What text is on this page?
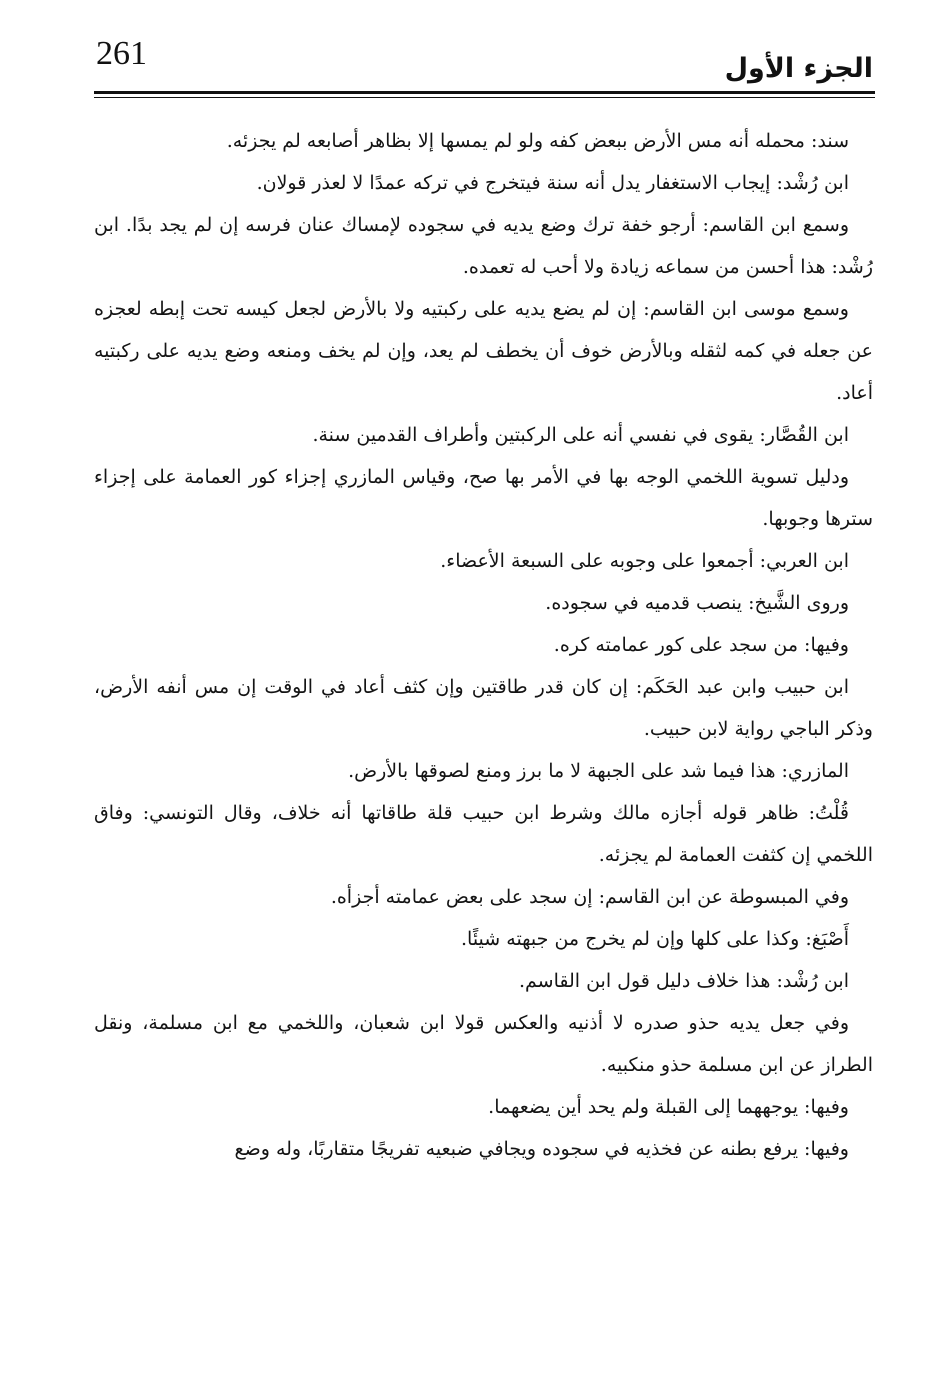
261	الجزء الأول

سند: محمله أنه مس الأرض ببعض كفه ولو لم يمسها إلا بظاهر أصابعه لم يجزئه.

ابن رُشْد: إيجاب الاستغفار يدل أنه سنة فيتخرج في تركه عمدًا لا لعذر قولان.

وسمع ابن القاسم: أرجو خفة ترك وضع يديه في سجوده لإمساك عنان فرسه إن لم يجد بدًا. ابن رُشْد: هذا أحسن من سماعه زيادة ولا أحب له تعمده.

وسمع موسى ابن القاسم: إن لم يضع يديه على ركبتيه ولا بالأرض لجعل كيسه تحت إبطه لعجزه عن جعله في كمه لثقله وبالأرض خوف أن يخطف لم يعد، وإن لم يخف ومنعه وضع يديه على ركبتيه أعاد.

ابن القُصَّار: يقوى في نفسي أنه على الركبتين وأطراف القدمين سنة.

ودليل تسوية اللخمي الوجه بها في الأمر بها صح، وقياس المازري إجزاء كور العمامة على إجزاء سترها وجوبها.

ابن العربي: أجمعوا على وجوبه على السبعة الأعضاء.

وروى الشَّيخ: ينصب قدميه في سجوده.

وفيها: من سجد على كور عمامته كره.

ابن حبيب وابن عبد الحَكَم: إن كان قدر طاقتين وإن كثف أعاد في الوقت إن مس أنفه الأرض، وذكر الباجي رواية لابن حبيب.

المازري: هذا فيما شد على الجبهة لا ما برز ومنع لصوقها بالأرض.

قُلْتُ: ظاهر قوله أجازه مالك وشرط ابن حبيب قلة طاقاتها أنه خلاف، وقال التونسي: وفاق اللخمي إن كثفت العمامة لم يجزئه.

وفي المبسوطة عن ابن القاسم: إن سجد على بعض عمامته أجزأه.

أَصْبَغ: وكذا على كلها وإن لم يخرج من جبهته شيئًا.

ابن رُشْد: هذا خلاف دليل قول ابن القاسم.

وفي جعل يديه حذو صدره لا أذنيه والعكس قولا ابن شعبان، واللخمي مع ابن مسلمة، ونقل الطراز عن ابن مسلمة حذو منكبيه.

وفيها: يوجههما إلى القبلة ولم يحد أين يضعهما.

وفيها: يرفع بطنه عن فخذيه في سجوده ويجافي ضبعيه تفريجًا متقاربًا، وله وضع
